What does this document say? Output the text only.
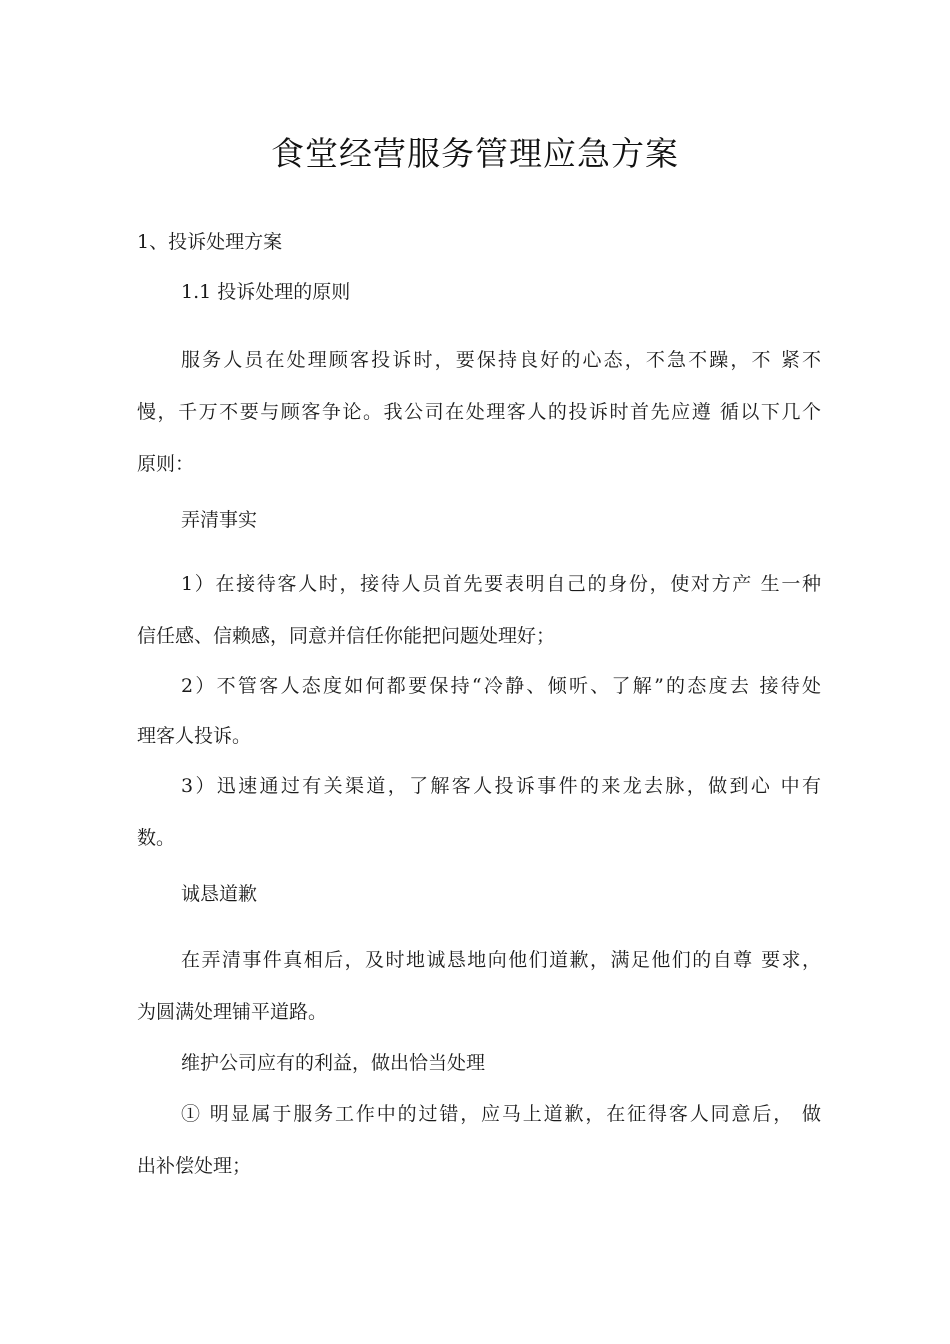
食堂经营服务管理应急方案
1、投诉处理方案
1.1 投诉处理的原则
服务人员在处理顾客投诉时，要保持良好的心态，不急不躁，不 紧不
慢，千万不要与顾客争论。我公司在处理客人的投诉时首先应遵 循以下几个
原则：
弄清事实
1）在接待客人时，接待人员首先要表明自己的身份，使对方产 生一种
信任感、信赖感，同意并信任你能把问题处理好；
2）不管客人态度如何都要保持“冷静、倾听、了解”的态度去 接待处
理客人投诉。
3）迅速通过有关渠道，了解客人投诉事件的来龙去脉，做到心 中有
数。
诚恳道歉
在弄清事件真相后，及时地诚恳地向他们道歉，满足他们的自尊 要求，
为圆满处理铺平道路。
维护公司应有的利益，做出恰当处理
① 明显属于服务工作中的过错，应马上道歉，在征得客人同意后， 做
出补偿处理；
